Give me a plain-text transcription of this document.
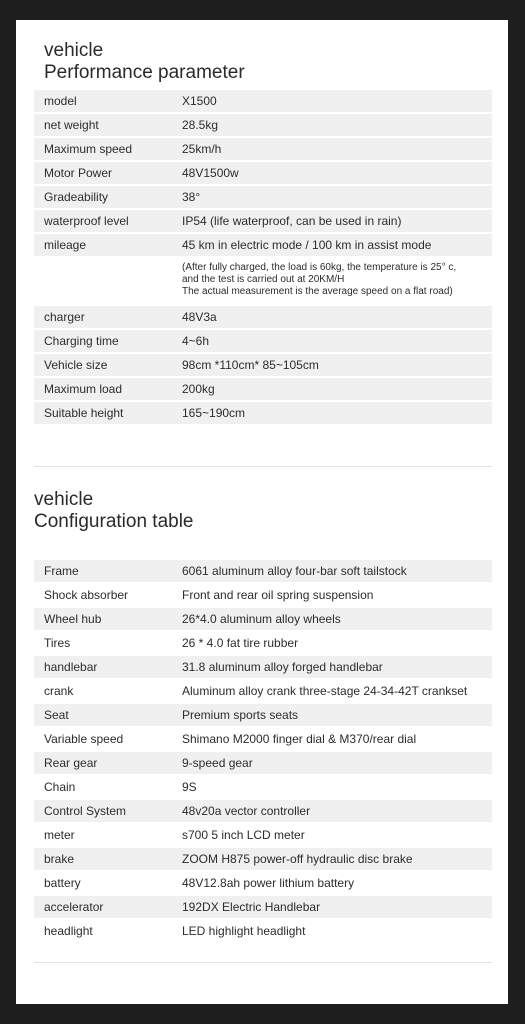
vehicle
Performance parameter
model	X1500
net weight	28.5kg
Maximum speed	25km/h
Motor Power	48V1500w
Gradeability	38°
waterproof level	IP54 (life waterproof, can be used in rain)
mileage	45 km in electric mode / 100 km in assist mode
(After fully charged, the load is 60kg, the temperature is 25° c,
and the test is carried out at 20KM/H
The actual measurement is the average speed on a flat road)
charger	48V3a
Charging time	4~6h
Vehicle size	98cm *110cm* 85~105cm
Maximum load	200kg
Suitable height	165~190cm
vehicle
Configuration table
Frame	6061 aluminum alloy four-bar soft tailstock
Shock absorber	Front and rear oil spring suspension
Wheel hub	26*4.0 aluminum alloy wheels
Tires	26 * 4.0 fat tire rubber
handlebar	31.8 aluminum alloy forged handlebar
crank	Aluminum alloy crank three-stage 24-34-42T crankset
Seat	Premium sports seats
Variable speed	Shimano M2000 finger dial & M370/rear dial
Rear gear	9-speed gear
Chain	9S
Control System	48v20a vector controller
meter	s700 5 inch LCD meter
brake	ZOOM H875 power-off hydraulic disc brake
battery	48V12.8ah power lithium battery
accelerator	192DX Electric Handlebar
headlight	LED highlight headlight
